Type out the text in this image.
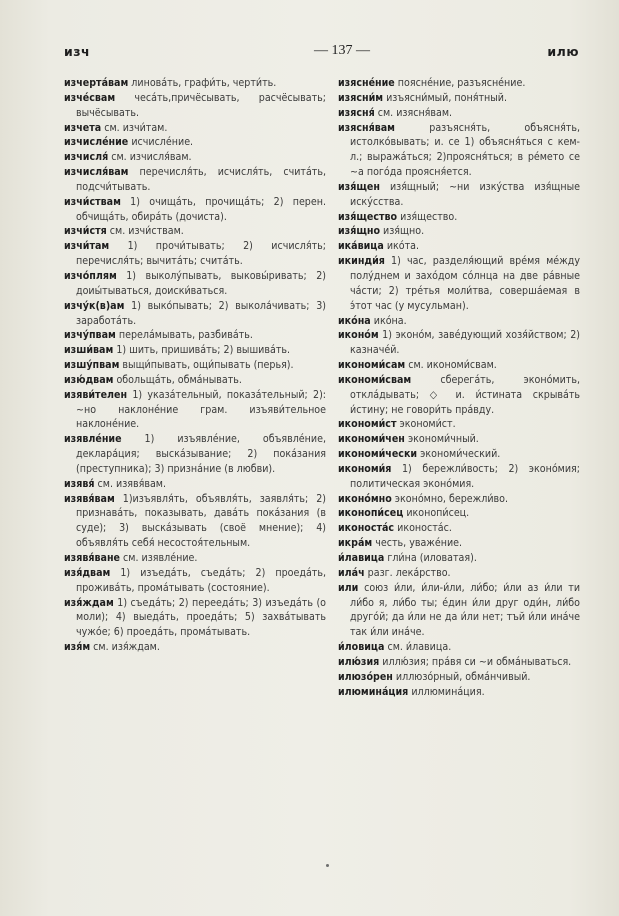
изч	— 137 —	илю

изчертáвам линовáть, графи́ть, черти́ть.

изчéсвам чесáть,причёсывать, расчёсывать; вычёсывать.

изчета см. изчи́там.

изчислéние исчислéние.

изчисля́ см. изчисля́вам.

изчисля́вам перечисля́ть, исчисля́ть, считáть, подсчи́тывать.

изчи́ствам 1) очищáть, прочищáть; 2) перен. обчищáть, обирáть (дочиста).

изчи́стя см. изчи́ствам.

изчи́там 1) прочи́тывать; 2) исчисля́ть; перечисля́ть; вычитáть; считáть.

изчо́плям 1) выколу́пывать, выковы́ривать; 2) доиы́тываться, доиски́ваться.

изчу́к(в)ам 1) выко́пывать; 2) выкола́чивать; 3) заработáть.

изчу́пвам перелáмывать, разбивáть.

изши́вам 1) шить, пришивáть; 2) вышивáть.

изшу́пвам выщи́пывать, ощи́пывать (перья).

изю́двам обольщáть, обмáнывать.

изяви́телен 1) указáтельный, показáтельный; 2): ~но наклонéние грам. изъяви́тельное наклонéние.

изявлéние 1) изъявлéние, объявлéние, деклара́ция; выскáзывание; 2) покáзания (преступника); 3) признáние (в любви).

изявя́ см. изявя́вам.

изявя́вам 1)изъявля́ть, объявля́ть, заявля́ть; 2) признавáть, показывать, давáть покáзания (в суде); 3) выскáзывать (своё мнение); 4) объявля́ть себя́ несостоя́тельным.

изявя́ване см. изявлéние.

изя́двам 1) изъедáть, съедáть; 2) проедáть, проживáть, промáтывать (состояние).

изя́ждам 1) съедáть; 2) переедáть; 3) изъедáть (о моли); 4) выедáть, проедáть; 5) захвáтывать чужóе; 6) проедáть, промáтывать.

изя́м см. изя́ждам.

изяснéние пояснéние, разъяснéние.

изясни́м изъясни́мый, поня́тный.

изясня́ см. изясня́вам.

изясня́вам	разъясня́ть, объясня́ть, истолко́вывать; и. се 1) объясня́ться с кем-л.; выражáться; 2)проясня́ться; в рéмето се ~а погóда проясня́ется.

изя́щен изя́щный; ~ни изку́ства изя́щные искýсства.

изя́щество изя́щество.

изя́щно изя́щно.

ика́вица икóта.

икинди́я 1) час, разделя́ющий врéмя мéжду полу́днем и захóдом сóлнца на две рáвные чáсти; 2) трéтья моли́тва, совершáемая в э́тот час (у мусульман).

икóна икóна.

иконóм 1) эконóм, завéдующий хозя́йством; 2) казначéй.

икономи́сам см. икономи́свам.

икономи́свам	сберегáть, эконóмить, отклáдывать; ◇ и. и́стината скрывáть и́стину; не говори́ть прáвду.

икономи́ст экономи́ст.

икономи́чен экономи́чный.

икономи́чески экономи́ческий.

икономи́я 1) бережли́вость; 2) эконóмия; политическая эконóмия.

иконóмно эконóмно, бережли́во.

иконопи́сец иконопи́сец.

иконостáс иконостáс.

икрáм честь, уважéние.

и́лавица гли́на (иловатая).

илáч разг. лекáрство.

или союз и́ли, и́ли-и́ли, ли́бо; и́ли аз и́ли ти ли́бо я, ли́бо ты; éдин и́ли друг оди́н, ли́бо другóй; да и́ли не да и́ли нет; тъй и́ли инáче так и́ли инáче.

и́ловица см. и́лавица.

илю́зия иллю́зия; прáвя си ~и обмáнываться.

илюзóрен иллюзóрный, обмáнчивый.

илюминáция иллюминáция.
